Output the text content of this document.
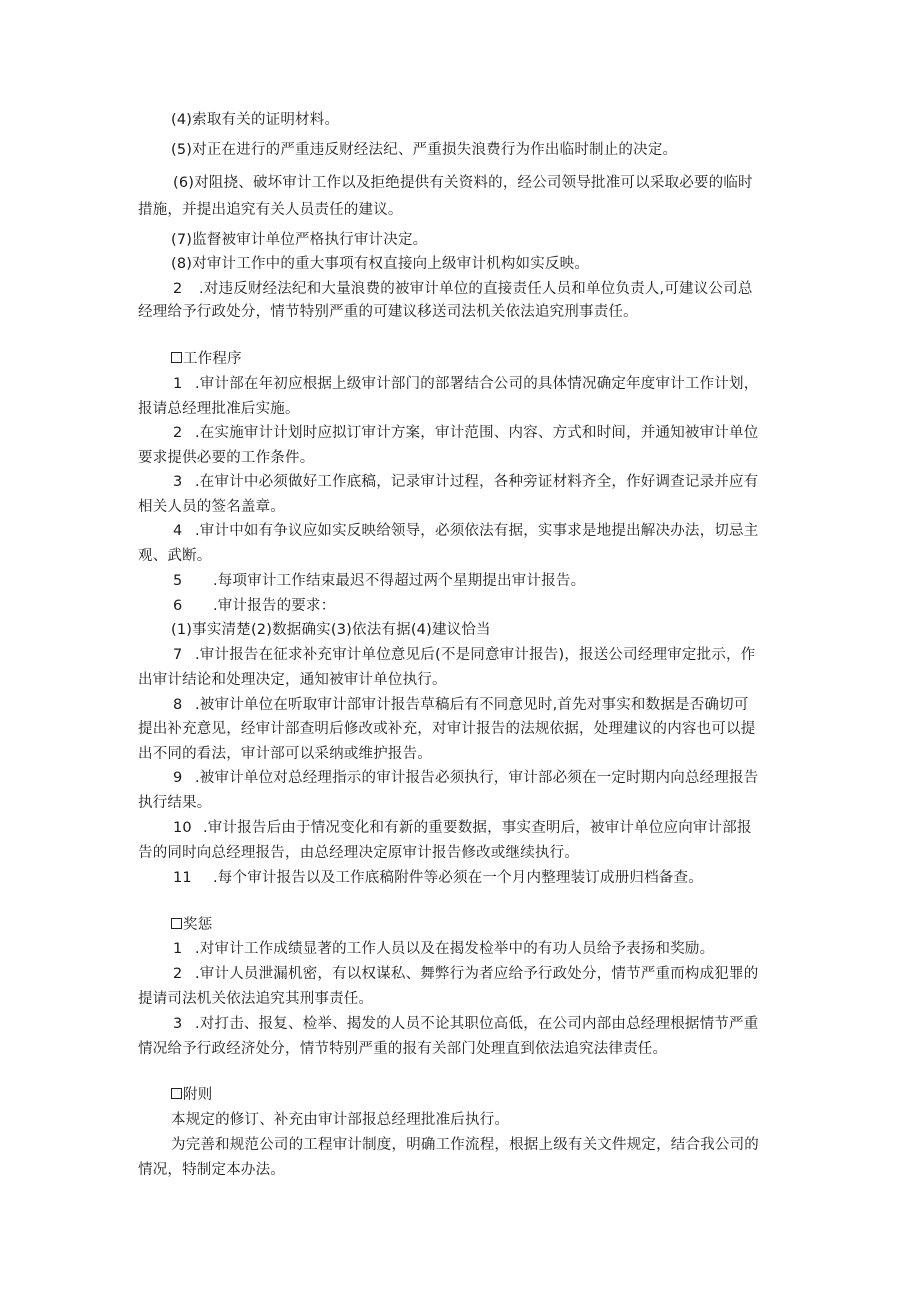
(4)索取有关的证明材料。
(5)对正在进行的严重违反财经法纪、严重损失浪费行为作出临时制止的决定。
(6)对阻挠、破坏审计工作以及拒绝提供有关资料的，经公司领导批准可以采取必要的临时
措施，并提出追究有关人员责任的建议。
(7)监督被审计单位严格执行审计决定。
(8)对审计工作中的重大事项有权直接向上级审计机构如实反映。
2 .对违反财经法纪和大量浪费的被审计单位的直接责任人员和单位负责人,可建议公司总
经理给予行政处分，情节特别严重的可建议移送司法机关依法追究刑事责任。
工作程序
1 .审计部在年初应根据上级审计部门的部署结合公司的具体情况确定年度审计工作计划，
报请总经理批准后实施。
2 .在实施审计计划时应拟订审计方案，审计范围、内容、方式和时间，并通知被审计单位
要求提供必要的工作条件。
3 .在审计中必须做好工作底稿，记录审计过程，各种旁证材料齐全，作好调查记录并应有
相关人员的签名盖章。
4 .审计中如有争议应如实反映给领导，必须依法有据，实事求是地提出解决办法，切忌主
观、武断。
5 .每项审计工作结束最迟不得超过两个星期提出审计报告。
6 .审计报告的要求：
(1)事实清楚(2)数据确实(3)依法有据(4)建议恰当
7 .审计报告在征求补充审计单位意见后(不是同意审计报告)，报送公司经理审定批示，作
出审计结论和处理决定，通知被审计单位执行。
8 .被审计单位在听取审计部审计报告草稿后有不同意见时,首先对事实和数据是否确切可
提出补充意见，经审计部查明后修改或补充，对审计报告的法规依据，处理建议的内容也可以提
出不同的看法，审计部可以采纳或维护报告。
9 .被审计单位对总经理指示的审计报告必须执行，审计部必须在一定时期内向总经理报告
执行结果。
10 .审计报告后由于情况变化和有新的重要数据，事实查明后，被审计单位应向审计部报
告的同时向总经理报告，由总经理决定原审计报告修改或继续执行。
11 .每个审计报告以及工作底稿附件等必须在一个月内整理装订成册归档备查。
奖惩
1 .对审计工作成绩显著的工作人员以及在揭发检举中的有功人员给予表扬和奖励。
2 .审计人员泄漏机密，有以权谋私、舞弊行为者应给予行政处分，情节严重而构成犯罪的
提请司法机关依法追究其刑事责任。
3 .对打击、报复、检举、揭发的人员不论其职位高低，在公司内部由总经理根据情节严重
情况给予行政经济处分，情节特别严重的报有关部门处理直到依法追究法律责任。
附则
本规定的修订、补充由审计部报总经理批准后执行。
为完善和规范公司的工程审计制度，明确工作流程，根据上级有关文件规定，结合我公司的
情况，特制定本办法。
